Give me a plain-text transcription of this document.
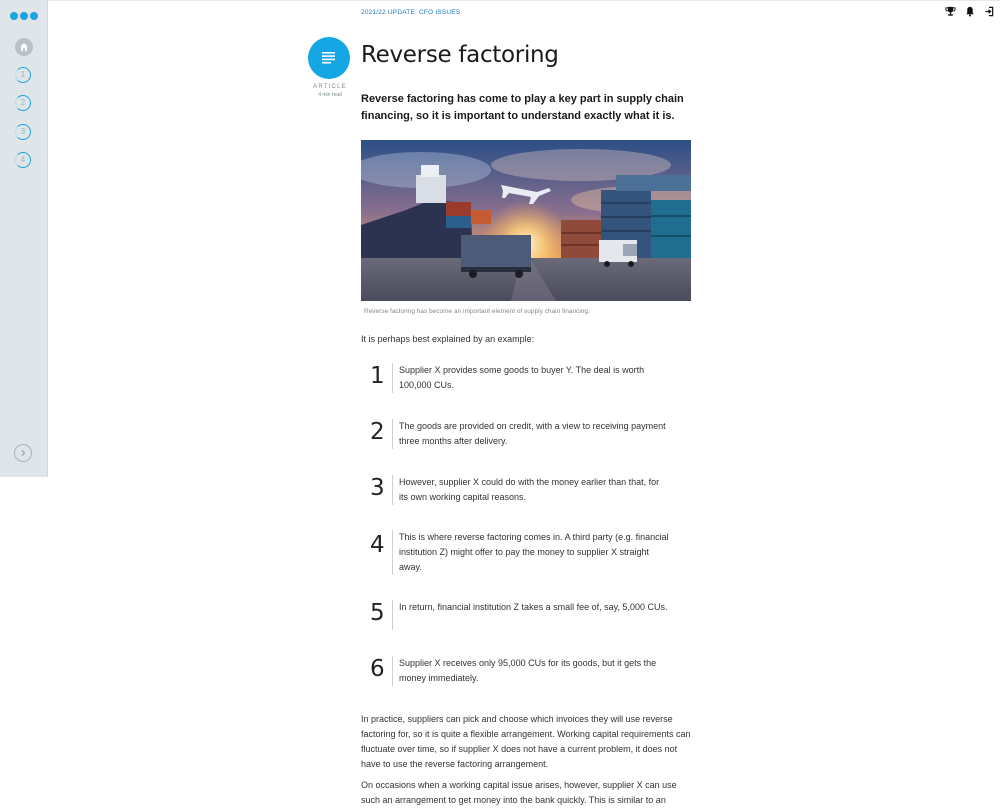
1
2
3
4
2021/22 UPDATE: CFO ISSUES
ARTICLE
4 min read
Reverse factoring

Reverse factoring has come to play a key part in supply chain financing, so it is important to understand exactly what it is.

Reverse factoring has become an important element of supply chain financing.
It is perhaps best explained by an example:
1	Supplier X provides some goods to buyer Y. The deal is worth 100,000 CUs.
2	The goods are provided on credit, with a view to receiving payment three months after delivery.
3	However, supplier X could do with the money earlier than that, for its own working capital reasons.
4	This is where reverse factoring comes in. A third party (e.g. financial institution Z) might offer to pay the money to supplier X straight away.
5	In return, financial institution Z takes a small fee of, say, 5,000 CUs.
6	Supplier X receives only 95,000 CUs for its goods, but it gets the money immediately.

In practice, suppliers can pick and choose which invoices they will use reverse factoring for, so it is quite a flexible arrangement. Working capital requirements can fluctuate over time, so if supplier X does not have a current problem, it does not have to use the reverse factoring arrangement.

On occasions when a working capital issue arises, however, supplier X can use such an arrangement to get money into the bank quickly. This is similar to an
